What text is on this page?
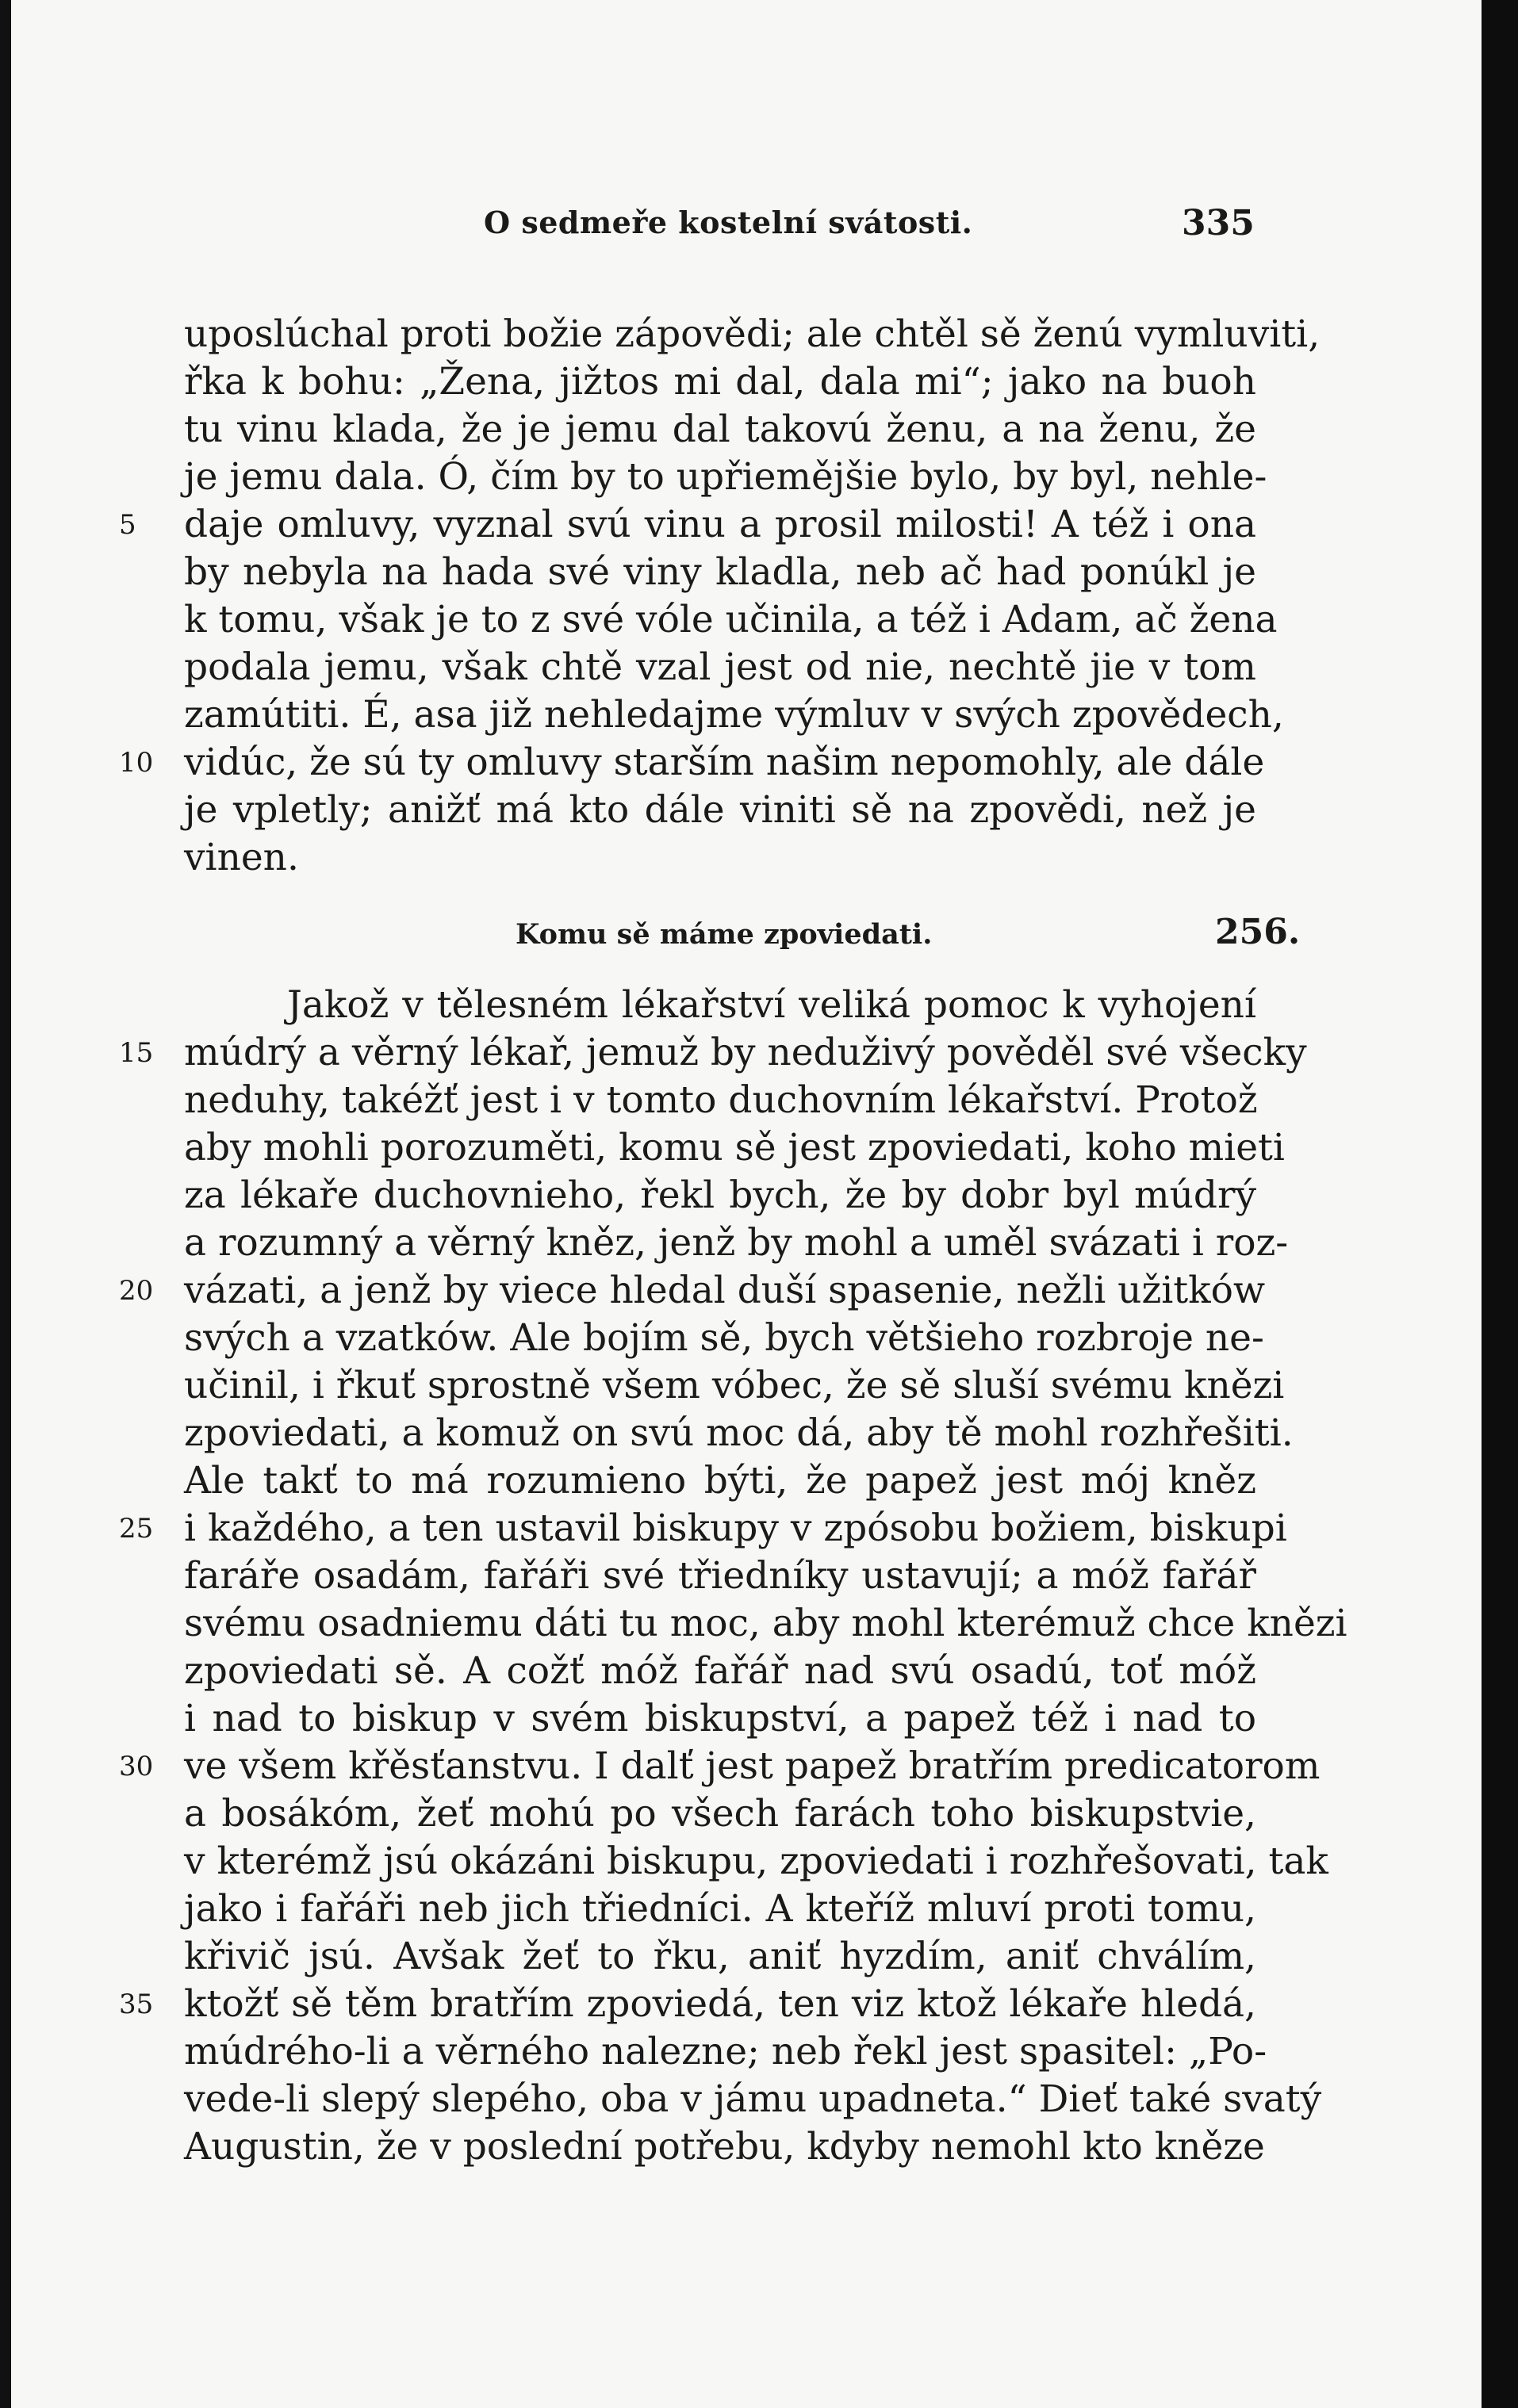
O sedmeře kostelní svátosti.	335
uposlúchal proti božie zápovědi; ale chtěl sě ženú vymluviti,
řka k bohu: „Žena, jižtos mi dal, dala mi“; jako na buoh
tu vinu klada, že je jemu dal takovú ženu, a na ženu, že
je jemu dala. Ó, čím by to upřiemějšie bylo, by byl, nehle-
5	daje omluvy, vyznal svú vinu a prosil milosti! A též i ona
by nebyla na hada své viny kladla, neb ač had ponúkl je
k tomu, však je to z své vóle učinila, a též i Adam, ač žena
podala jemu, však chtě vzal jest od nie, nechtě jie v tom
zamútiti. É, asa již nehledajme výmluv v svých zpovědech,
10 vidúc, že sú ty omluvy starším našim nepomohly, ale dále
je vpletly; anižť má kto dále viniti sě na zpovědi, než je
vinen.
Komu sě máme zpoviedati.	256.
Jakož v tělesném lékařství veliká pomoc k vyhojení
15 múdrý a věrný lékař, jemuž by neduživý pověděl své všecky
neduhy, takéžť jest i v tomto duchovním lékařství. Protož
aby mohli porozuměti, komu sě jest zpoviedati, koho mieti
za lékaře duchovnieho, řekl bych, že by dobr byl múdrý
a rozumný a věrný kněz, jenž by mohl a uměl svázati i roz-
20 vázati, a jenž by viece hledal duší spasenie, nežli užitków
svých a vzatków. Ale bojím sě, bych většieho rozbroje ne-
učinil, i řkuť sprostně všem vóbec, že sě sluší svému knězi
zpoviedati, a komuž on svú moc dá, aby tě mohl rozhřešiti.
Ale takť to má rozumieno býti, že papež jest mój kněz
25 i každého, a ten ustavil biskupy v zpósobu božiem, biskupi
faráře osadám, fařáři své třiedníky ustavují; a móž fařář
svému osadniemu dáti tu moc, aby mohl kterémuž chce knězi
zpoviedati sě. A cožť móž fařář nad svú osadú, toť móž
i nad to biskup v svém biskupství, a papež též i nad to
30 ve všem křěsťanstvu. I dalť jest papež bratřím predicatorom
a bosákóm, žeť mohú po všech farách toho biskupstvie,
v kterémž jsú okázáni biskupu, zpoviedati i rozhřešovati, tak
jako i fařáři neb jich třiedníci. A kteříž mluví proti tomu,
křivič jsú. Avšak žeť to řku, aniť hyzdím, aniť chválím,
35 ktožť sě těm bratřím zpoviedá, ten viz ktož lékaře hledá,
múdrého-li a věrného nalezne; neb řekl jest spasitel: „Po-
vede-li slepý slepého, oba v jámu upadneta.“ Dieť také svatý
Augustin, že v poslední potřebu, kdyby nemohl kto kněze
